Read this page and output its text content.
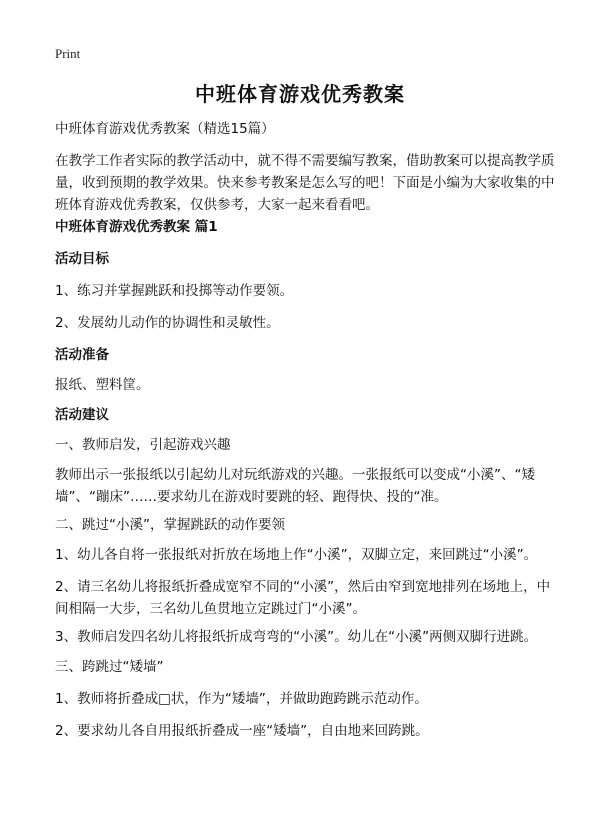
Print
中班体育游戏优秀教案

中班体育游戏优秀教案（精选15篇）

在教学工作者实际的教学活动中，就不得不需要编写教案，借助教案可以提高教学质量，收到预期的教学效果。快来参考教案是怎么写的吧！下面是小编为大家收集的中班体育游戏优秀教案，仅供参考，大家一起来看看吧。

中班体育游戏优秀教案 篇1

活动目标

1、练习并掌握跳跃和投掷等动作要领。

2、发展幼儿动作的协调性和灵敏性。

活动准备

报纸、塑料筐。

活动建议

一、教师启发，引起游戏兴趣

教师出示一张报纸以引起幼儿对玩纸游戏的兴趣。一张报纸可以变成“小溪”、“矮墙”、“蹦床”……要求幼儿在游戏时要跳的轻、跑得快、投的“准。

二、跳过“小溪”，掌握跳跃的动作要领

1、幼儿各自将一张报纸对折放在场地上作“小溪”，双脚立定，来回跳过“小溪”。

2、请三名幼儿将报纸折叠成宽窄不同的“小溪”，然后由窄到宽地排列在场地上，中间相隔一大步，三名幼儿鱼贯地立定跳过门“小溪”。

3、教师启发四名幼儿将报纸折成弯弯的“小溪”。幼儿在“小溪”两侧双脚行进跳。

三、跨跳过“矮墙”

1、教师将折叠成□状，作为“矮墙”，并做助跑跨跳示范动作。

2、要求幼儿各自用报纸折叠成一座“矮墙”，自由地来回跨跳。
